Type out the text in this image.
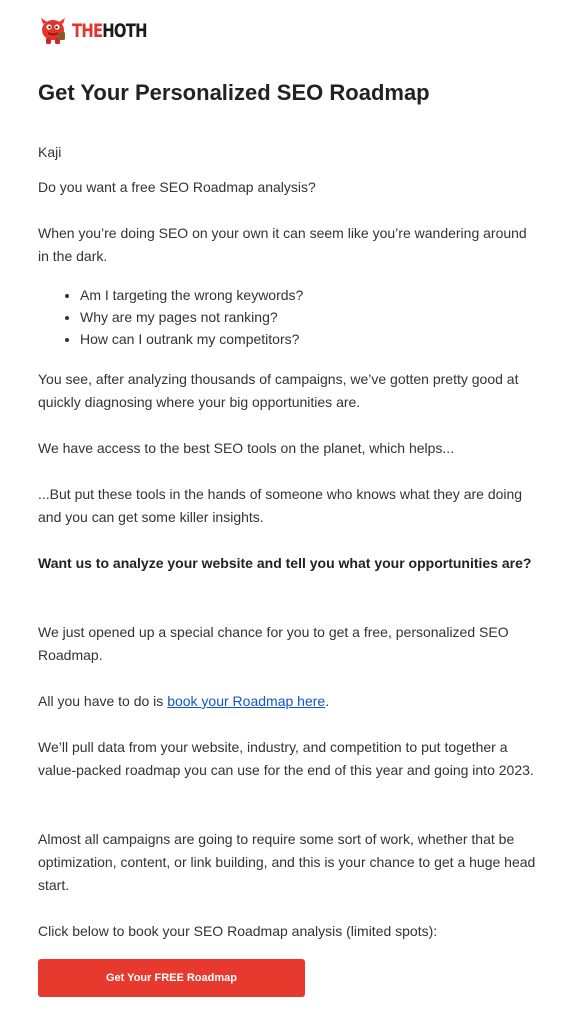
THEHOTH
Get Your Personalized SEO Roadmap

Kaji

Do you want a free SEO Roadmap analysis?

When you’re doing SEO on your own it can seem like you’re wandering around in the dark.

• Am I targeting the wrong keywords?
• Why are my pages not ranking?
• How can I outrank my competitors?

You see, after analyzing thousands of campaigns, we’ve gotten pretty good at quickly diagnosing where your big opportunities are.

We have access to the best SEO tools on the planet, which helps...

...But put these tools in the hands of someone who knows what they are doing and you can get some killer insights.

Want us to analyze your website and tell you what your opportunities are?

We just opened up a special chance for you to get a free, personalized SEO Roadmap.

All you have to do is book your Roadmap here.

We’ll pull data from your website, industry, and competition to put together a value-packed roadmap you can use for the end of this year and going into 2023.

Almost all campaigns are going to require some sort of work, whether that be optimization, content, or link building, and this is your chance to get a huge head start.

Click below to book your SEO Roadmap analysis (limited spots):

Get Your FREE Roadmap
